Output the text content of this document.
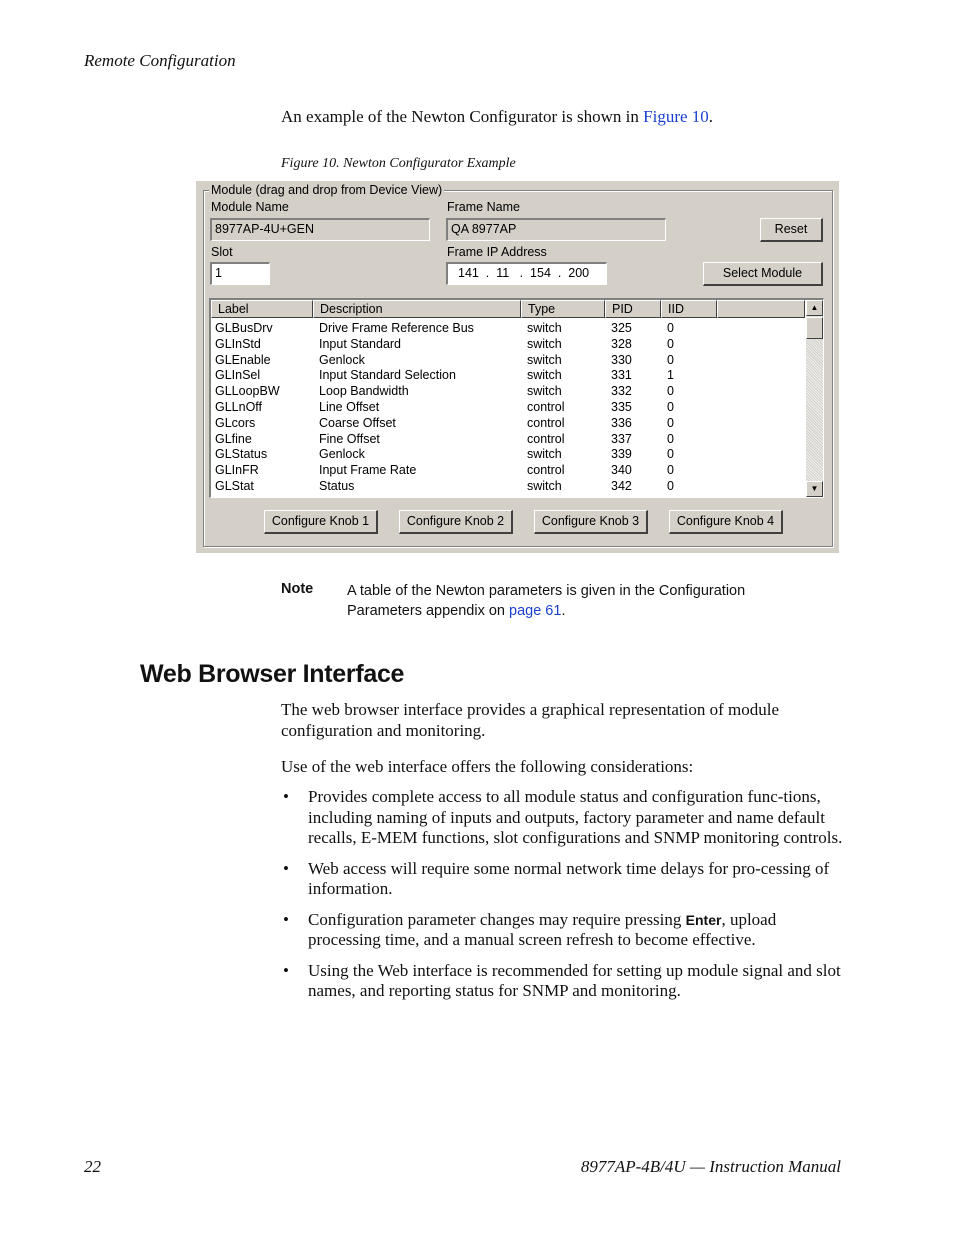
Remote Configuration
An example of the Newton Configurator is shown in Figure 10.
Figure 10. Newton Configurator Example
Module (drag and drop from Device View)
Module Name
8977AP-4U+GEN
Frame Name
QA 8977AP	Reset
Slot
1
Frame IP Address
141  .  11   .  154  .  200	Select Module
Label	Description	Type	PID	IID
GLBusDrv	Drive Frame Reference Bus	switch	325	0
GLInStd	Input Standard	switch	328	0
GLEnable	Genlock	switch	330	0
GLInSel	Input Standard Selection	switch	331	1
GLLoopBW	Loop Bandwidth	switch	332	0
GLLnOff	Line Offset	control	335	0
GLcors	Coarse Offset	control	336	0
GLfine	Fine Offset	control	337	0
GLStatus	Genlock	switch	339	0
GLInFR	Input Frame Rate	control	340	0
GLStat	Status	switch	342	0
▲
▼
Configure Knob 1	Configure Knob 2	Configure Knob 3	Configure Knob 4
Note A table of the Newton parameters is given in the Configuration Parameters appendix on page 61.
Web Browser Interface
The web browser interface provides a graphical representation of module configuration and monitoring.
Use of the web interface offers the following considerations:
• Provides complete access to all module status and configuration func-tions, including naming of inputs and outputs, factory parameter and name default recalls, E-MEM functions, slot configurations and SNMP monitoring controls.
• Web access will require some normal network time delays for pro-cessing of information.
• Configuration parameter changes may require pressing Enter, upload processing time, and a manual screen refresh to become effective.
• Using the Web interface is recommended for setting up module signal and slot names, and reporting status for SNMP and monitoring.
22	8977AP-4B/4U — Instruction Manual
